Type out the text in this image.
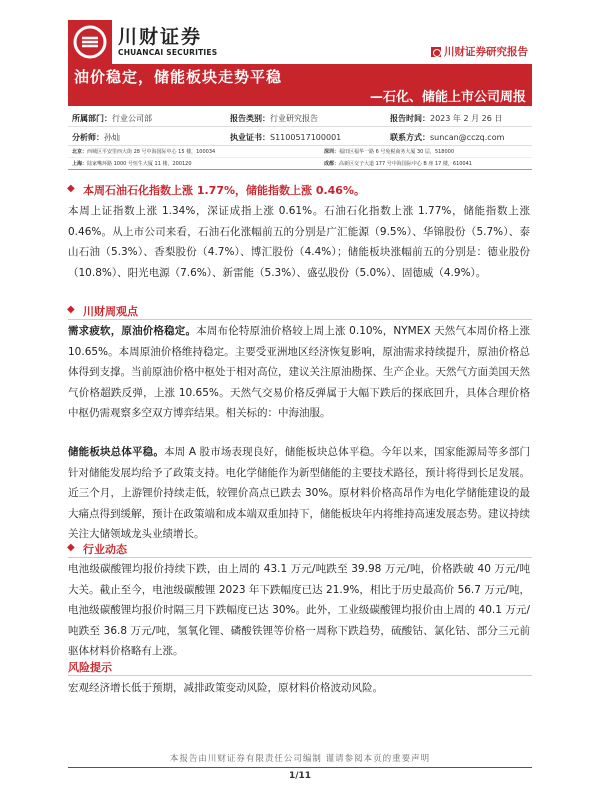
川财证券
CHUANCAI SECURITIES	川财证券研究报告
油价稳定，储能板块走势平稳
—石化、储能上市公司周报
所属部门：行业公司部	报告类别：行业研究报告	报告时间：2023 年 2 月 26 日
分析师：孙灿	执业证书：S1100517100001	联系方式：suncan@cczq.com
北京：西城区平安里西大街 28 号中海国际中心 15 楼，100034	深圳：福田区福华一路 6 号免税商务大厦 30 层，518000
上海：陆家嘴环路 1000 号恒生大厦 11 楼，200120	成都：高新区交子大道 177 号中海国际中心 B 座 17 楼，610041
◆本周石油石化指数上涨 1.77%，储能指数上涨 0.46%。
本周上证指数上涨 1.34%，深证成指上涨 0.61%。石油石化指数上涨 1.77%，储能指数上涨 0.46%。从上市公司来看，石油石化涨幅前五的分别是广汇能源（9.5%）、华锦股份（5.7%）、泰山石油（5.3%）、香梨股份（4.7%）、博汇股份（4.4%）；储能板块涨幅前五的分别是：德业股份（10.8%）、阳光电源（7.6%）、新雷能（5.3%）、盛弘股份（5.0%）、固德威（4.9%）。
◆川财周观点
需求疲软，原油价格稳定。本周布伦特原油价格较上周上涨 0.10%，NYMEX 天然气本周价格上涨 10.65%。本周原油价格维持稳定。主要受亚洲地区经济恢复影响，原油需求持续提升，原油价格总体得到支撑。当前原油价格中枢处于相对高位，建议关注原油勘探、生产企业。天然气方面美国天然气价格超跌反弹，上涨 10.65%。天然气交易价格反弹属于大幅下跌后的探底回升，具体合理价格中枢仍需观察多空双方博弈结果。相关标的：中海油服。
储能板块总体平稳。本周 A 股市场表现良好，储能板块总体平稳。今年以来，国家能源局等多部门针对储能发展均给予了政策支持。电化学储能作为新型储能的主要技术路径，预计将得到长足发展。近三个月，上游锂价持续走低，较锂价高点已跌去 30%。原材料价格高昂作为电化学储能建设的最大痛点得到缓解，预计在政策端和成本端双重加持下，储能板块年内将维持高速发展态势。建议持续关注大储领域龙头业绩增长。
◆行业动态
电池级碳酸锂均报价持续下跌，由上周的 43.1 万元/吨跌至 39.98 万元/吨，价格跌破 40 万元/吨大关。截止至今，电池级碳酸锂 2023 年下跌幅度已达 21.9%，相比于历史最高价 56.7 万元/吨，电池级碳酸锂均报价时隔三月下跌幅度已达 30%。此外，工业级碳酸锂均报价由上周的 40.1 万元/吨跌至 36.8 万元/吨，氢氧化锂、磷酸铁锂等价格一周称下跌趋势，硫酸钴、氯化钴、部分三元前驱体材料价格略有上涨。
风险提示
宏观经济增长低于预期，减排政策变动风险，原材料价格波动风险。
本报告由川财证券有限责任公司编制 谨请参阅本页的重要声明
1/11
